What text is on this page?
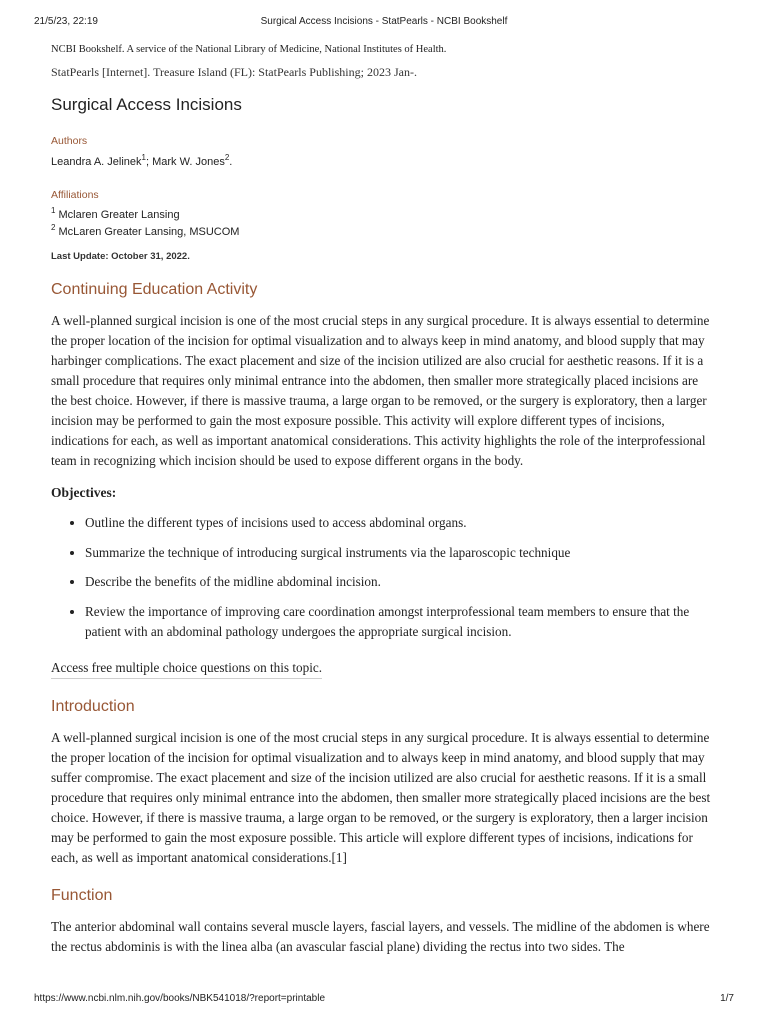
21/5/23, 22:19	Surgical Access Incisions - StatPearls - NCBI Bookshelf

NCBI Bookshelf. A service of the National Library of Medicine, National Institutes of Health.

StatPearls [Internet]. Treasure Island (FL): StatPearls Publishing; 2023 Jan-.

Surgical Access Incisions
Authors
Leandra A. Jelinek$^1$; Mark W. Jones$^2$.
Affiliations
$^1$ Mclaren Greater Lansing
$^2$ McLaren Greater Lansing, MSUCOM
Last Update: October 31, 2022.
Continuing Education Activity

A well-planned surgical incision is one of the most crucial steps in any surgical procedure. It is always essential to determine the proper location of the incision for optimal visualization and to always keep in mind anatomy, and blood supply that may harbinger complications. The exact placement and size of the incision utilized are also crucial for aesthetic reasons. If it is a small procedure that requires only minimal entrance into the abdomen, then smaller more strategically placed incisions are the best choice. However, if there is massive trauma, a large organ to be removed, or the surgery is exploratory, then a larger incision may be performed to gain the most exposure possible. This activity will explore different types of incisions, indications for each, as well as important anatomical considerations. This activity highlights the role of the interprofessional team in recognizing which incision should be used to expose different organs in the body.

Objectives:

• Outline the different types of incisions used to access abdominal organs.
• Summarize the technique of introducing surgical instruments via the laparoscopic technique
• Describe the benefits of the midline abdominal incision.
• Review the importance of improving care coordination amongst interprofessional team members to ensure that the patient with an abdominal pathology undergoes the appropriate surgical incision.
Access free multiple choice questions on this topic.
Introduction

A well-planned surgical incision is one of the most crucial steps in any surgical procedure. It is always essential to determine the proper location of the incision for optimal visualization and to always keep in mind anatomy, and blood supply that may suffer compromise. The exact placement and size of the incision utilized are also crucial for aesthetic reasons. If it is a small procedure that requires only minimal entrance into the abdomen, then smaller more strategically placed incisions are the best choice. However, if there is massive trauma, a large organ to be removed, or the surgery is exploratory, then a larger incision may be performed to gain the most exposure possible. This article will explore different types of incisions, indications for each, as well as important anatomical considerations.[1]

Function

The anterior abdominal wall contains several muscle layers, fascial layers, and vessels. The midline of the abdomen is where the rectus abdominis is with the linea alba (an avascular fascial plane) dividing the rectus into two sides. The

https://www.ncbi.nlm.nih.gov/books/NBK541018/?report=printable	1/7
